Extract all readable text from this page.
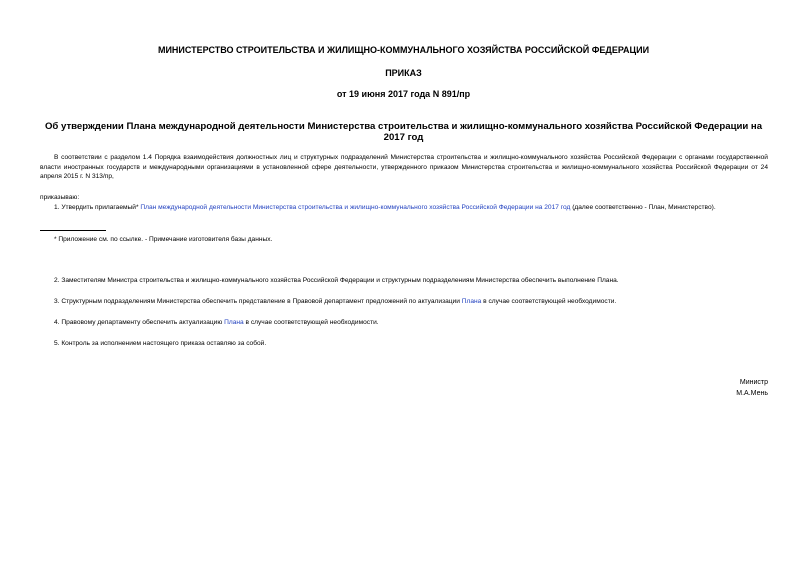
МИНИСТЕРСТВО СТРОИТЕЛЬСТВА И ЖИЛИЩНО-КОММУНАЛЬНОГО ХОЗЯЙСТВА РОССИЙСКОЙ ФЕДЕРАЦИИ
ПРИКАЗ
от 19 июня 2017 года N 891/пр
Об утверждении Плана международной деятельности Министерства строительства и жилищно-коммунального хозяйства Российской Федерации на 2017 год
В соответствии с разделом 1.4 Порядка взаимодействия должностных лиц и структурных подразделений Министерства строительства и жилищно-коммунального хозяйства Российской Федерации с органами государственной власти иностранных государств и международными организациями в установленной сфере деятельности, утвержденного приказом Министерства строительства и жилищно-коммунального хозяйства Российской Федерации от 24 апреля 2015 г. N 313/пр,
приказываю:
1. Утвердить прилагаемый* План международной деятельности Министерства строительства и жилищно-коммунального хозяйства Российской Федерации на 2017 год (далее соответственно - План, Министерство).
* Приложение см. по ссылке. - Примечание изготовителя базы данных.
2. Заместителям Министра строительства и жилищно-коммунального хозяйства Российской Федерации и структурным подразделениям Министерства обеспечить выполнение Плана.
3. Структурным подразделениям Министерства обеспечить представление в Правовой департамент предложений по актуализации Плана в случае соответствующей необходимости.
4. Правовому департаменту обеспечить актуализацию Плана в случае соответствующей необходимости.
5. Контроль за исполнением настоящего приказа оставляю за собой.
Министр
М.А.Мень
